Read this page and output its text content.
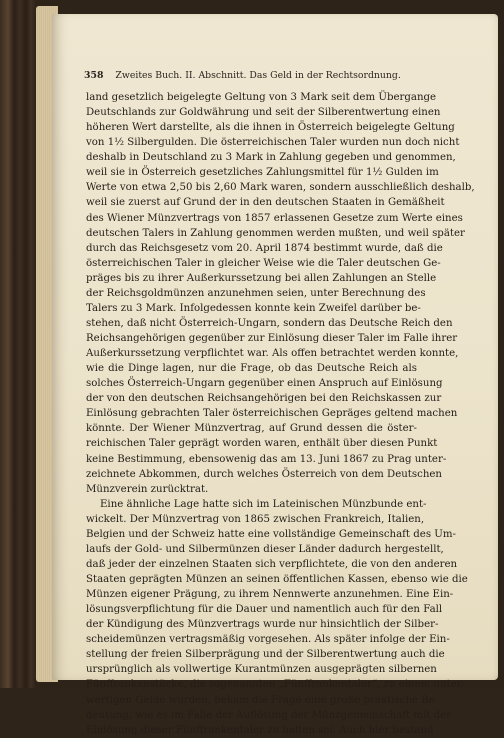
358 Zweites Buch. II. Abschnitt. Das Geld in der Rechtsordnung.
land gesetzlich beigelegte Geltung von 3 Mark seit dem Übergange
Deutschlands zur Goldwährung und seit der Silberentwertung einen
höheren Wert darstellte, als die ihnen in Österreich beigelegte Geltung
von 1½ Silbergulden. Die österreichischen Taler wurden nun doch nicht
deshalb in Deutschland zu 3 Mark in Zahlung gegeben und genommen,
weil sie in Österreich gesetzliches Zahlungsmittel für 1½ Gulden im
Werte von etwa 2,50 bis 2,60 Mark waren, sondern ausschließlich deshalb,
weil sie zuerst auf Grund der in den deutschen Staaten in Gemäßheit
des Wiener Münzvertrags von 1857 erlassenen Gesetze zum Werte eines
deutschen Talers in Zahlung genommen werden mußten, und weil später
durch das Reichsgesetz vom 20. April 1874 bestimmt wurde, daß die
österreichischen Taler in gleicher Weise wie die Taler deutschen Ge-
präges bis zu ihrer Außerkurssetzung bei allen Zahlungen an Stelle
der Reichsgoldmünzen anzunehmen seien, unter Berechnung des
Talers zu 3 Mark. Infolgedessen konnte kein Zweifel darüber be-
stehen, daß nicht Österreich-Ungarn, sondern das Deutsche Reich den
Reichsangehörigen gegenüber zur Einlösung dieser Taler im Falle ihrer
Außerkurssetzung verpflichtet war. Als offen betrachtet werden konnte,
wie die Dinge lagen, nur die Frage, ob das Deutsche Reich als
solches Österreich-Ungarn gegenüber einen Anspruch auf Einlösung
der von den deutschen Reichsangehörigen bei den Reichskassen zur
Einlösung gebrachten Taler österreichischen Gepräges geltend machen
könnte. Der Wiener Münzvertrag, auf Grund dessen die öster-
reichischen Taler geprägt worden waren, enthält über diesen Punkt
keine Bestimmung, ebensowenig das am 13. Juni 1867 zu Prag unter-
zeichnete Abkommen, durch welches Österreich von dem Deutschen
Münzverein zurücktrat.
Eine ähnliche Lage hatte sich im Lateinischen Münzbunde ent-
wickelt. Der Münzvertrag von 1865 zwischen Frankreich, Italien,
Belgien und der Schweiz hatte eine vollständige Gemeinschaft des Um-
laufs der Gold- und Silbermünzen dieser Länder dadurch hergestellt,
daß jeder der einzelnen Staaten sich verpflichtete, die von den anderen
Staaten geprägten Münzen an seinen öffentlichen Kassen, ebenso wie die
Münzen eigener Prägung, zu ihrem Nennwerte anzunehmen. Eine Ein-
lösungsverpflichtung für die Dauer und namentlich auch für den Fall
der Kündigung des Münzvertrags wurde nur hinsichtlich der Silber-
scheidemünzen vertragsmäßig vorgesehen. Als später infolge der Ein-
stellung der freien Silberprägung und der Silberentwertung auch die
ursprünglich als vollwertige Kurantmünzen ausgeprägten silbernen
Fünffrankenstücke, die sogenannten „Fünffrankentaler“, zu einem unter-
wertigen Gelde wurden, bekam die Frage eine große praktische Be-
deutung, wie es im Falle der Auflösung der Münzgemeinschaft mit der
Einlösung dieser Fünffrankentaler zu halten sei. Auch hier bestand
